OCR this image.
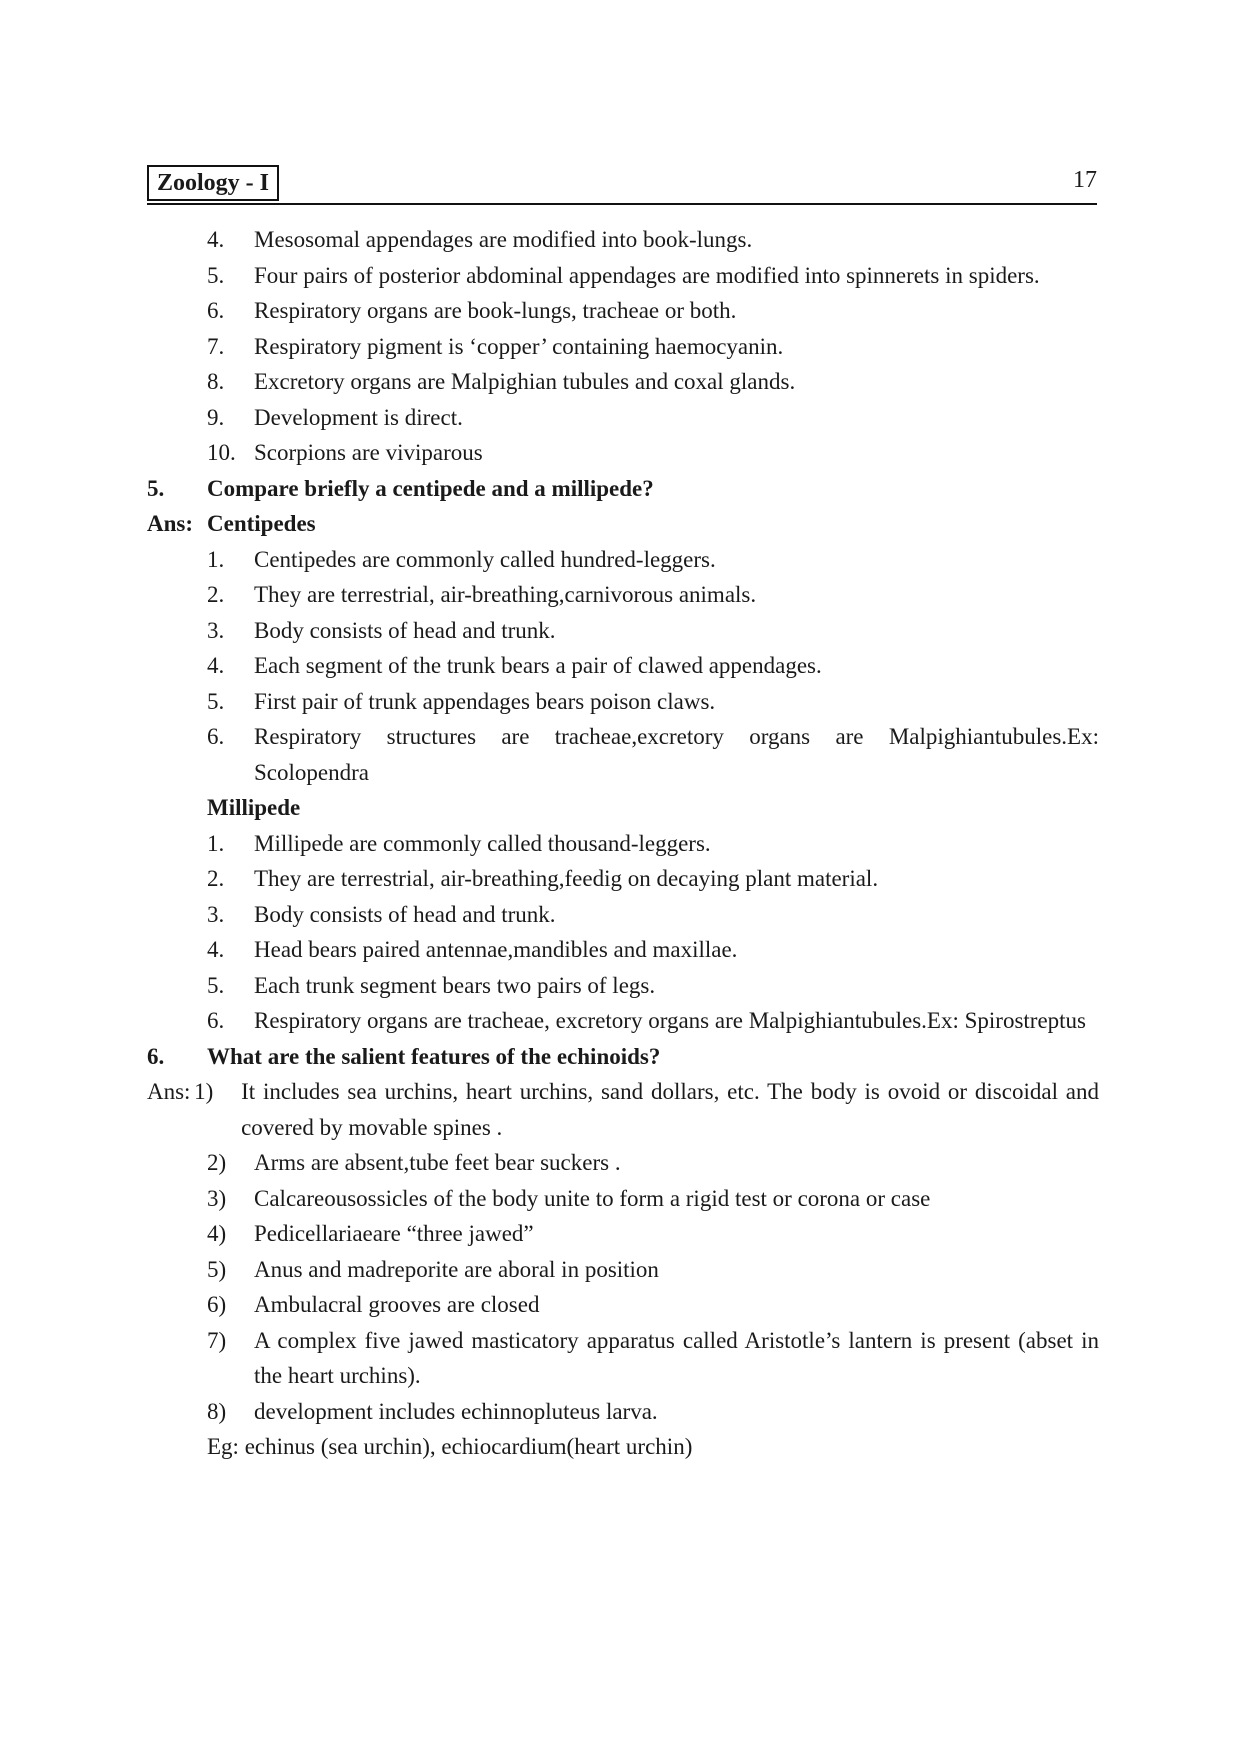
Zoology - I	17
4.	Mesosomal appendages are modified into book-lungs.
5.	Four pairs of posterior abdominal appendages are modified into spinnerets in spiders.
6.	Respiratory organs are book-lungs, tracheae or both.
7.	Respiratory pigment is ‘copper’ containing haemocyanin.
8.	Excretory organs are Malpighian tubules and coxal glands.
9.	Development is direct.
10. Scorpions are viviparous
5.	Compare briefly a centipede and a millipede?
Ans: Centipedes
1.	Centipedes are commonly called hundred-leggers.
2.	They are terrestrial, air-breathing,carnivorous animals.
3.	Body consists of head and trunk.
4.	Each segment of the trunk bears a pair of clawed appendages.
5.	First pair of trunk appendages bears poison claws.
6.	Respiratory structures are tracheae,excretory organs are Malpighiantubules.Ex: Scolopendra
Millipede
1.	Millipede are commonly called thousand-leggers.
2.	They are terrestrial, air-breathing,feedig on decaying plant material.
3.	Body consists of head and trunk.
4.	Head bears paired antennae,mandibles and maxillae.
5.	Each trunk segment bears two pairs of legs.
6.	Respiratory organs are tracheae, excretory organs are Malpighiantubules.Ex: Spirostreptus
6.	What are the salient features of the echinoids?
Ans: 1)	It includes sea urchins, heart urchins, sand dollars, etc. The body is ovoid or discoidal and covered by movable spines .
2)	Arms are absent,tube feet bear suckers .
3)	Calcareousossicles of the body unite to form a rigid test or corona or case
4)	Pedicellariaeare “three jawed”
5)	Anus and madreporite are aboral in position
6)	Ambulacral grooves are closed
7)	A complex five jawed masticatory apparatus called Aristotle’s lantern is present (abset in the heart urchins).
8)	development includes echinnopluteus larva.
Eg: echinus (sea urchin), echiocardium(heart urchin)
